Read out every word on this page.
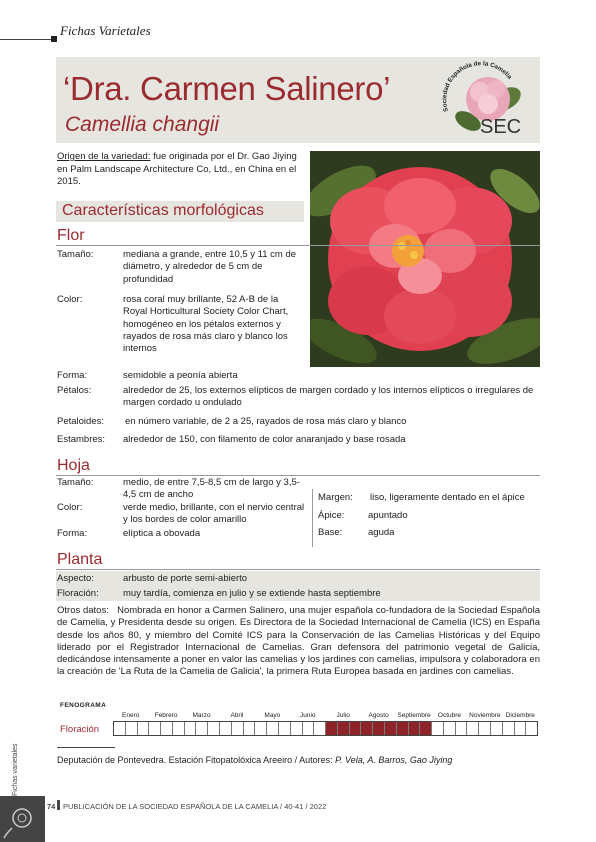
Fichas Varietales
‘Dra. Carmen Salinero’
Camellia changii
Sociedad Española de la Camelia
SEC
Origen de la variedad: fue originada por el Dr. Gao Jiying en Palm Landscape Architecture Co, Ltd., en China en el 2015.
Características morfológicas
Flor
Tamaño:	mediana a grande, entre 10,5 y 11 cm de diámetro, y alrededor de 5 cm de profundidad
Color:	rosa coral muy brillante, 52 A-B de la Royal Horticultural Society Color Chart, homogéneo en los pétalos externos y rayados de rosa más claro y blanco los internos
Forma:	semidoble a peonía abierta
Pétalos:	alrededor de 25, los externos elípticos de margen cordado y los internos elípticos o irregulares de margen cordado u ondulado
Petaloides: en número variable, de 2 a 25, rayados de rosa más claro y blanco
Estambres: alrededor de 150, con filamento de color anaranjado y base rosada
Hoja
Tamaño:	medio, de entre 7,5-8,5 cm de largo y 3,5-4,5 cm de ancho
Color:	verde medio, brillante, con el nervio central y los bordes de color amarillo
Forma:	elíptica a obovada
Margen: liso, ligeramente dentado en el ápice
Ápice: apuntado
Base:	aguda
Planta
Aspecto:	arbusto de porte semi-abierto
Floración:	muy tardía, comienza en julio y se extiende hasta septiembre
Otros datos: Nombrada en honor a Carmen Salinero, una mujer española co-fundadora de la Sociedad Española de Camelia, y Presidenta desde su origen. Es Directora de la Sociedad Internacional de Camelia (ICS) en España desde los años 80, y miembro del Comité ICS para la Conservación de las Camelias Históricas y del Equipo liderado por el Registrador Internacional de Camelias. Gran defensora del patrimonio vegetal de Galicia, dedicándose intensamente a poner en valor las camelias y los jardines con camelias, impulsora y colaboradora en la creación de 'La Ruta de la Camelia de Galicia', la primera Ruta Europea basada en jardines con camelias.
FENOGRAMA
Enero	Febrero	Marzo	Abril	Mayo	Junio	Julio	Agosto	Septiembre	Octubre	Noviembre Diciembre
Floración
Deputación de Pontevedra. Estación Fitopatolóxica Areeiro / Autores: P. Vela, A. Barros, Gao Jiying
Fichas varietales
74 PUBLICACIÓN DE LA SOCIEDAD ESPAÑOLA DE LA CAMELIA / 40-41 / 2022
